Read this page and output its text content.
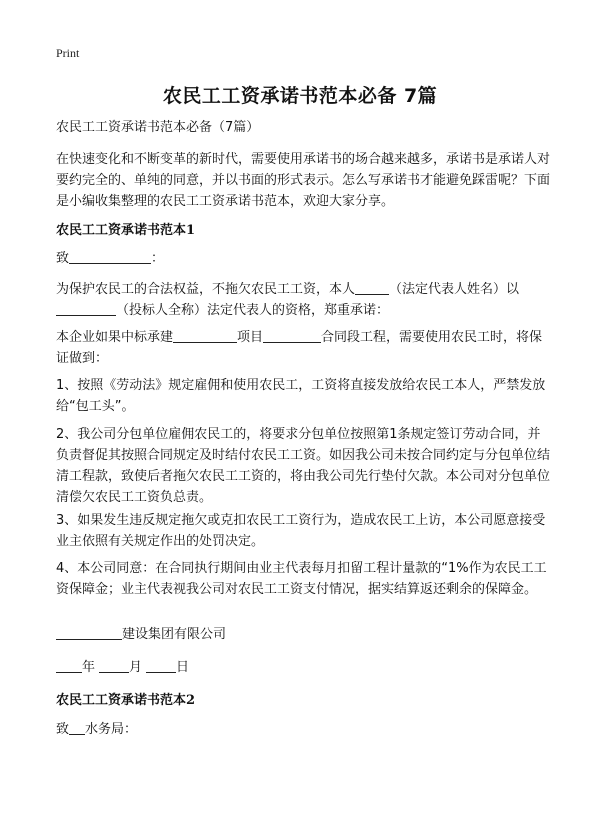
Print
农民工工资承诺书范本必备 7篇

农民工工资承诺书范本必备（7篇）

在快速变化和不断变革的新时代，需要使用承诺书的场合越来越多，承诺书是承诺人对要约完全的、单纯的同意，并以书面的形式表示。怎么写承诺书才能避免踩雷呢？下面是小编收集整理的农民工工资承诺书范本，欢迎大家分享。

农民工工资承诺书范本1

致	：

为保护农民工的合法权益，不拖欠农民工工资，本人	（法定代表人姓名）以
（投标人全称）法定代表人的资格，郑重承诺：

本企业如果中标承建	项目	合同段工程，需要使用农民工时，将保证做到：

1、按照《劳动法》规定雇佣和使用农民工，工资将直接发放给农民工本人，严禁发放给“包工头”。

2、我公司分包单位雇佣农民工的，将要求分包单位按照第1条规定签订劳动合同，并负责督促其按照合同规定及时结付农民工工资。如因我公司未按合同约定与分包单位结清工程款，致使后者拖欠农民工工资的，将由我公司先行垫付欠款。本公司对分包单位清偿欠农民工工资负总责。

3、如果发生违反规定拖欠或克扣农民工工资行为，造成农民工上访，本公司愿意接受业主依照有关规定作出的处罚决定。

4、本公司同意：在合同执行期间由业主代表每月扣留工程计量款的“1%作为农民工工资保障金；业主代表视我公司对农民工工资支付情况，据实结算返还剩余的保障金。

建设集团有限公司

年	月	日

农民工工资承诺书范本2

致 水务局：
